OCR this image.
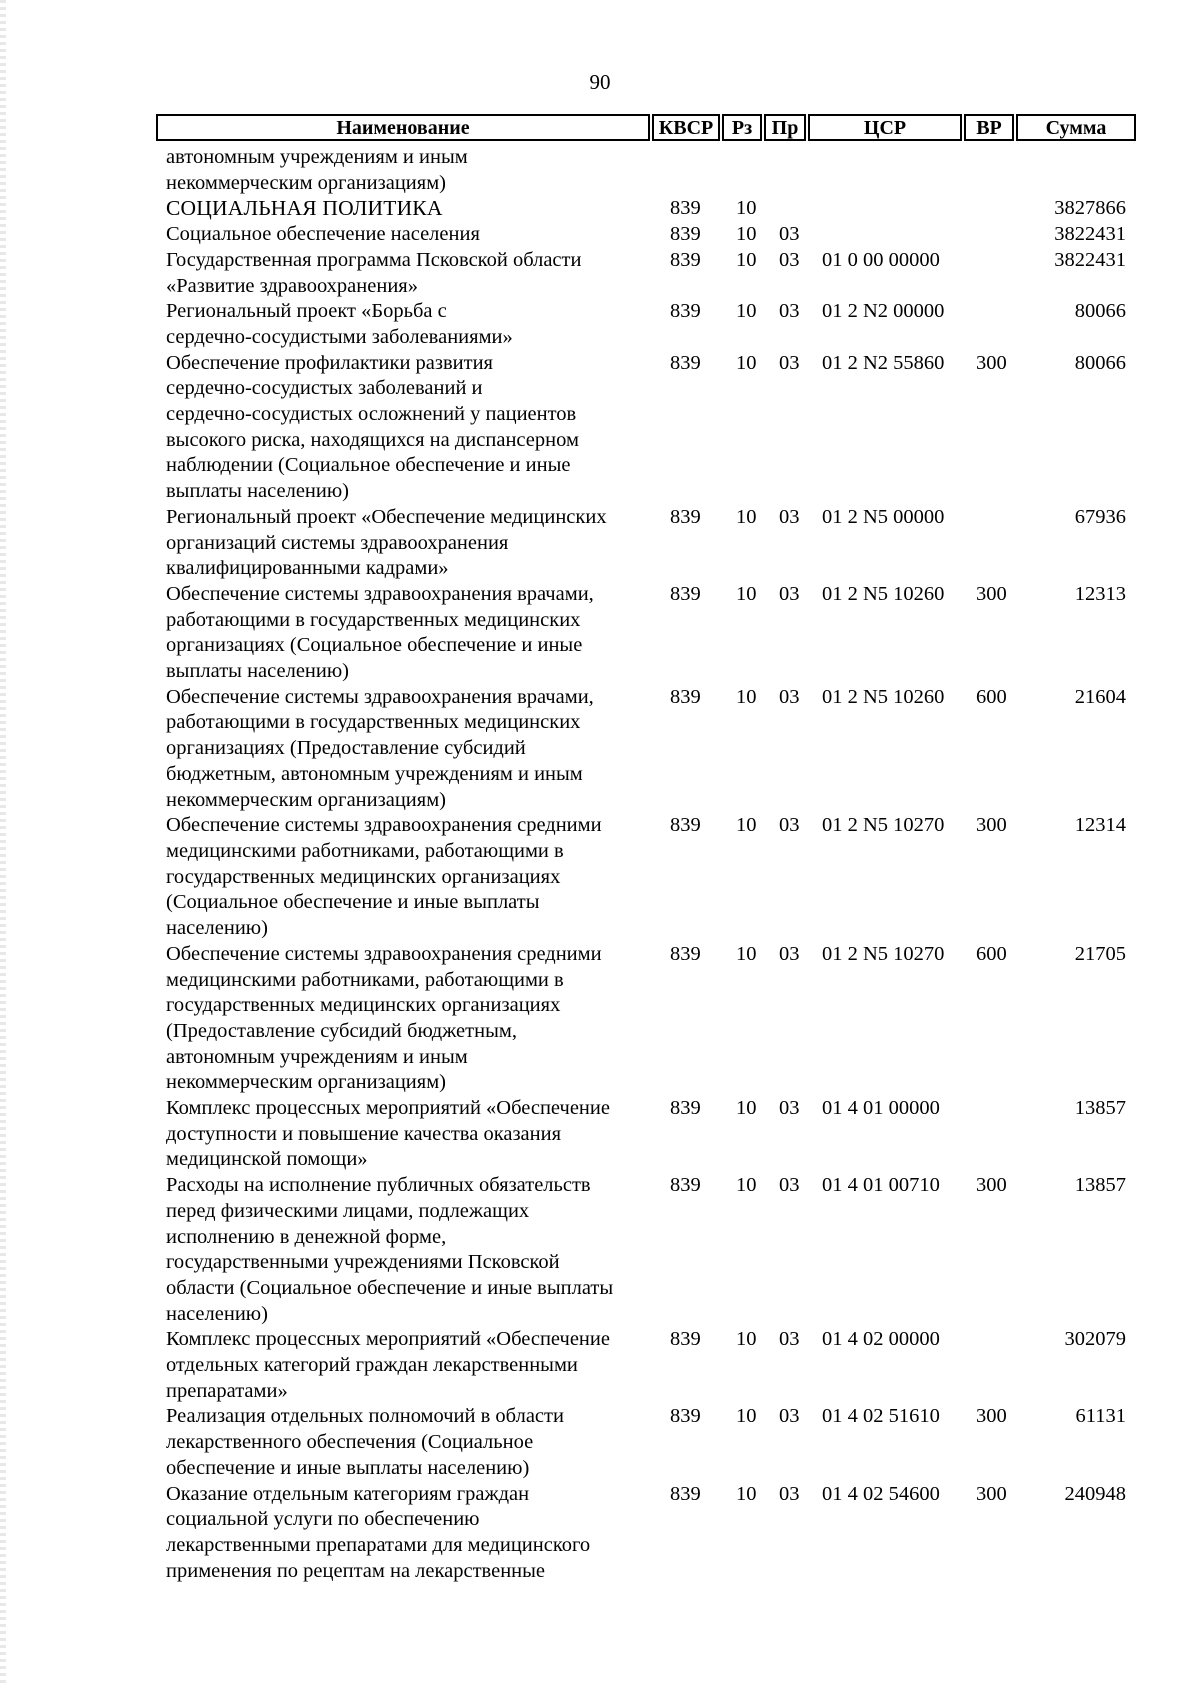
90
Наименование	КВСР Рз Пр	ЦСР	ВР	Сумма
автономным учреждениям и иным
некоммерческим организациям)
СОЦИАЛЬНАЯ ПОЛИТИКА	839 10	3827866
Социальное обеспечение населения	839 10 03	3822431
Государственная программа Псковской области
«Развитие здравоохранения»
839 10 03 01 0 00 00000	3822431
Региональный проект «Борьба с
сердечно-сосудистыми заболеваниями»
839 10 03 01 2 N2 00000	80066
Обеспечение профилактики развития
сердечно-сосудистых заболеваний и
сердечно-сосудистых осложнений у пациентов
высокого риска, находящихся на диспансерном
наблюдении (Социальное обеспечение и иные
выплаты населению)
839 10 03 01 2 N2 55860 300	80066
Региональный проект «Обеспечение медицинских
организаций системы здравоохранения
квалифицированными кадрами»
839 10 03 01 2 N5 00000	67936
Обеспечение системы здравоохранения врачами,
работающими в государственных медицинских
организациях (Социальное обеспечение и иные
выплаты населению)
839 10 03 01 2 N5 10260 300	12313
Обеспечение системы здравоохранения врачами,
работающими в государственных медицинских
организациях (Предоставление субсидий
бюджетным, автономным учреждениям и иным
некоммерческим организациям)
839 10 03 01 2 N5 10260 600	21604
Обеспечение системы здравоохранения средними
медицинскими работниками, работающими в
государственных медицинских организациях
(Социальное обеспечение и иные выплаты
населению)
839 10 03 01 2 N5 10270 300	12314
Обеспечение системы здравоохранения средними
медицинскими работниками, работающими в
государственных медицинских организациях
(Предоставление субсидий бюджетным,
автономным учреждениям и иным
некоммерческим организациям)
839 10 03 01 2 N5 10270 600	21705
Комплекс процессных мероприятий «Обеспечение
доступности и повышение качества оказания
медицинской помощи»
839 10 03 01 4 01 00000	13857
Расходы на исполнение публичных обязательств
перед физическими лицами, подлежащих
исполнению в денежной форме,
государственными учреждениями Псковской
области (Социальное обеспечение и иные выплаты
населению)
839 10 03 01 4 01 00710 300	13857
Комплекс процессных мероприятий «Обеспечение
отдельных категорий граждан лекарственными
препаратами»
839 10 03 01 4 02 00000	302079
Реализация отдельных полномочий в области
лекарственного обеспечения (Социальное
обеспечение и иные выплаты населению)
839 10 03 01 4 02 51610 300	61131
Оказание отдельным категориям граждан
социальной услуги по обеспечению
лекарственными препаратами для медицинского
применения по рецептам на лекарственные
839 10 03 01 4 02 54600 300	240948
